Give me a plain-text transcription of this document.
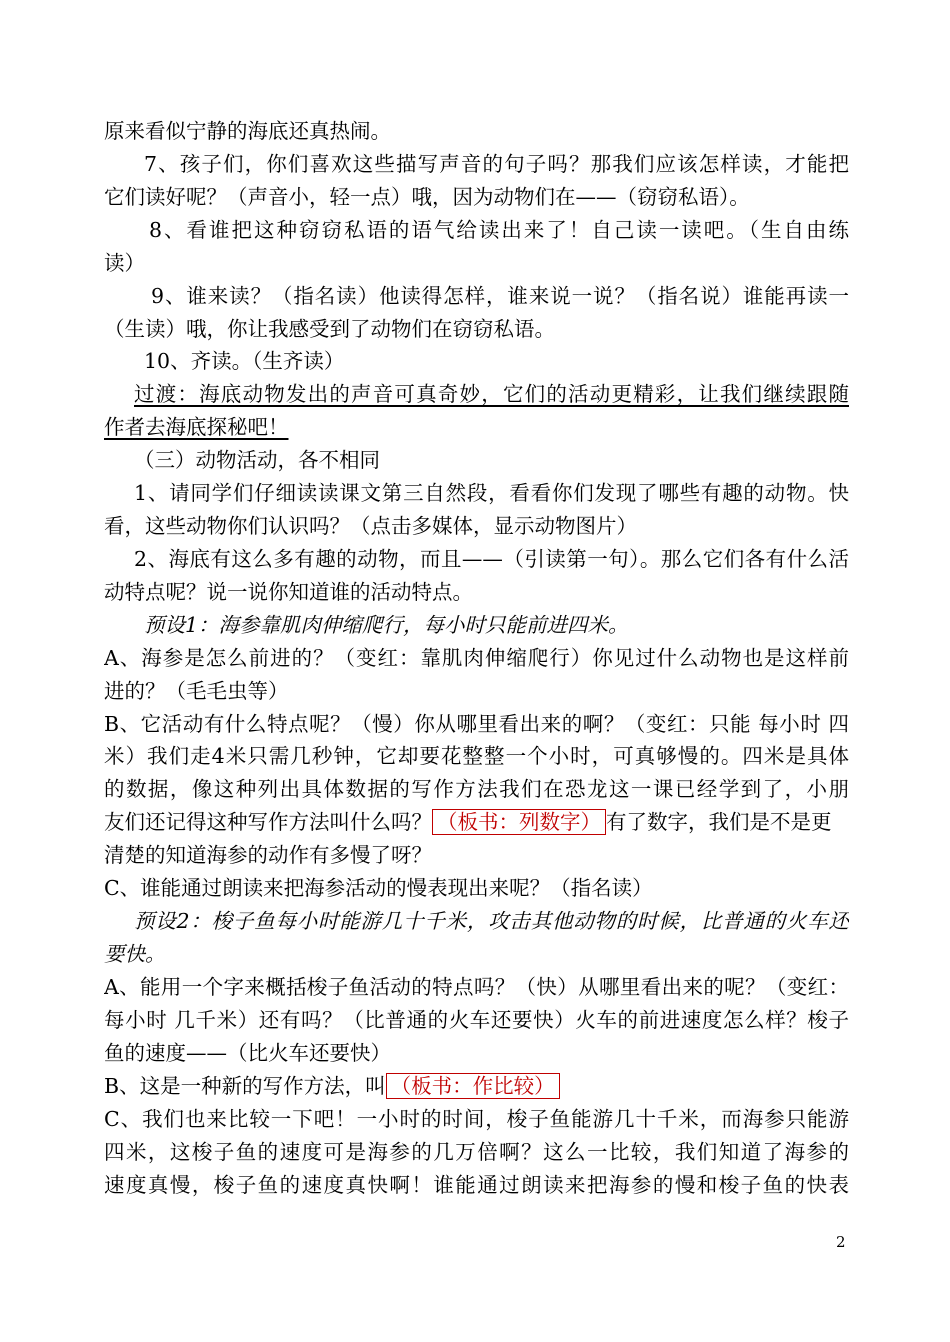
原来看似宁静的海底还真热闹。
7、孩子们，你们喜欢这些描写声音的句子吗？那我们应该怎样读，才能把
它们读好呢？（声音小，轻一点）哦，因为动物们在——（窃窃私语）。
8、看谁把这种窃窃私语的语气给读出来了！自己读一读吧。（生自由练
读）
9、谁来读？（指名读）他读得怎样，谁来说一说？（指名说）谁能再读一
（生读）哦，你让我感受到了动物们在窃窃私语。
10、齐读。（生齐读）
过渡：海底动物发出的声音可真奇妙，它们的活动更精彩，让我们继续跟随
作者去海底探秘吧！
（三）动物活动，各不相同
1、请同学们仔细读读课文第三自然段，看看你们发现了哪些有趣的动物。快
看，这些动物你们认识吗？（点击多媒体，显示动物图片）
2、海底有这么多有趣的动物，而且——（引读第一句）。那么它们各有什么活
动特点呢？说一说你知道谁的活动特点。
预设1：海参靠肌肉伸缩爬行，每小时只能前进四米。
A、海参是怎么前进的？（变红：靠肌肉伸缩爬行）你见过什么动物也是这样前
进的？（毛毛虫等）
B、它活动有什么特点呢？（慢）你从哪里看出来的啊？（变红：只能 每小时 四
米）我们走4米只需几秒钟，它却要花整整一个小时，可真够慢的。四米是具体
的数据，像这种列出具体数据的写作方法我们在恐龙这一课已经学到了，小朋
友们还记得这种写作方法叫什么吗？ （板书：列数字） 有了数字，我们是不是更
清楚的知道海参的动作有多慢了呀？
C、谁能通过朗读来把海参活动的慢表现出来呢？（指名读）
预设2：梭子鱼每小时能游几十千米，攻击其他动物的时候，比普通的火车还
要快。
A、能用一个字来概括梭子鱼活动的特点吗？（快）从哪里看出来的呢？（变红：
每小时 几千米）还有吗？（比普通的火车还要快）火车的前进速度怎么样？梭子
鱼的速度——（比火车还要快）
B、这是一种新的写作方法，叫 （板书：作比较）
C、我们也来比较一下吧！一小时的时间，梭子鱼能游几十千米，而海参只能游
四米，这梭子鱼的速度可是海参的几万倍啊？这么一比较，我们知道了海参的
速度真慢，梭子鱼的速度真快啊！谁能通过朗读来把海参的慢和梭子鱼的快表
2
